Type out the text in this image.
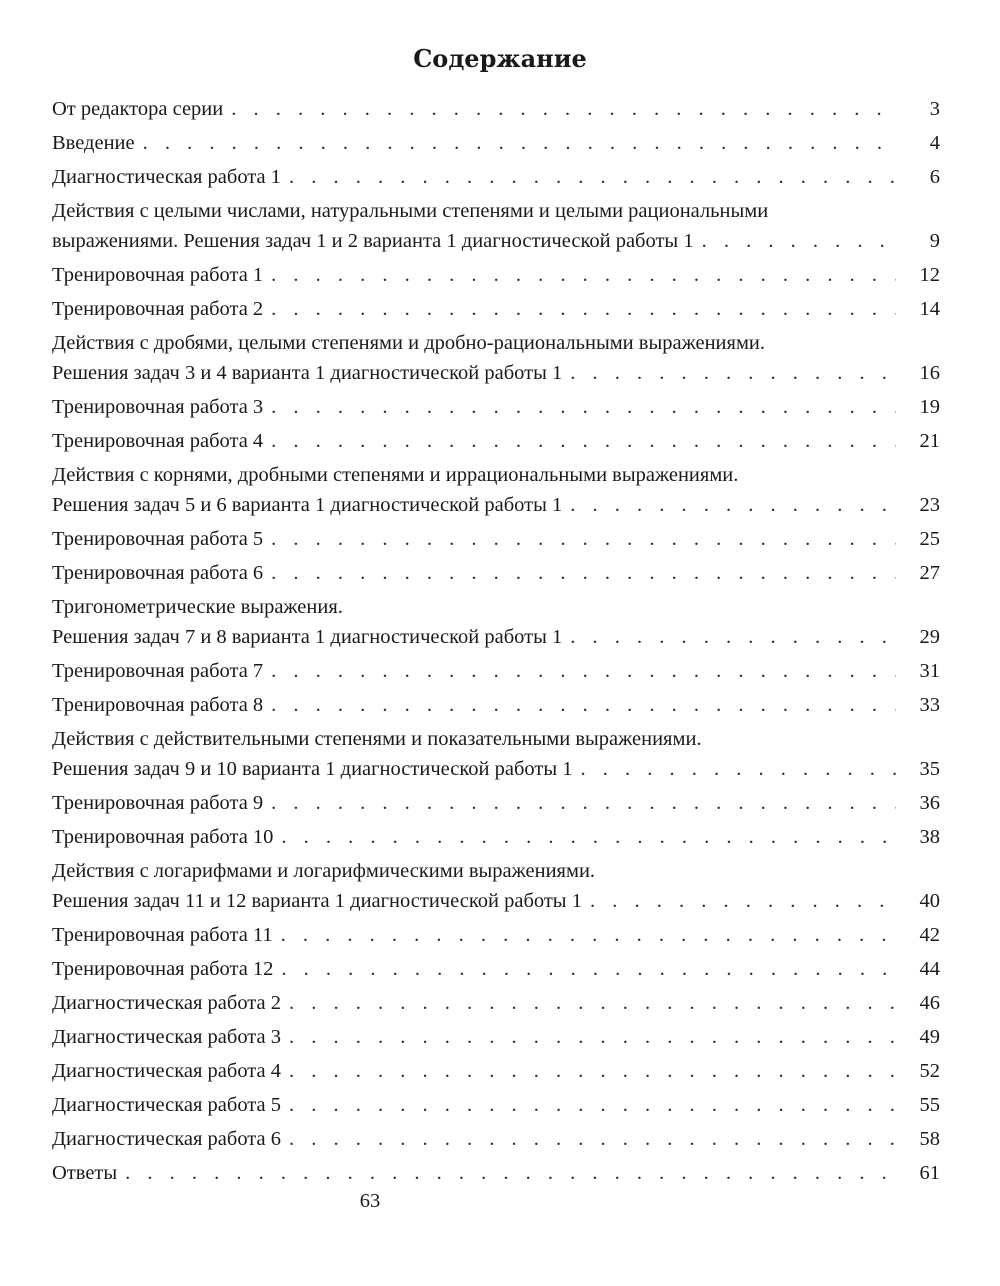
Содержание
От редактора серии . . .	3
Введение . . .	4
Диагностическая работа 1 . . .	6
Действия с целыми числами, натуральными степенями и целыми рациональными
выражениями. Решения задач 1 и 2 варианта 1 диагностической работы 1 . . .	9
Тренировочная работа 1 . . .	12
Тренировочная работа 2 . . .	14
Действия с дробями, целыми степенями и дробно-рациональными выражениями.
Решения задач 3 и 4 варианта 1 диагностической работы 1 . . .	16
Тренировочная работа 3 . . .	19
Тренировочная работа 4 . . .	21
Действия с корнями, дробными степенями и иррациональными выражениями.
Решения задач 5 и 6 варианта 1 диагностической работы 1 . . .	23
Тренировочная работа 5 . . .	25
Тренировочная работа 6 . . .	27
Тригонометрические выражения.
Решения задач 7 и 8 варианта 1 диагностической работы 1 . . .	29
Тренировочная работа 7 . . .	31
Тренировочная работа 8 . . .	33
Действия с действительными степенями и показательными выражениями.
Решения задач 9 и 10 варианта 1 диагностической работы 1 . . .	35
Тренировочная работа 9 . . .	36
Тренировочная работа 10 . . .	38
Действия с логарифмами и логарифмическими выражениями.
Решения задач 11 и 12 варианта 1 диагностической работы 1 . . .	40
Тренировочная работа 11 . . .	42
Тренировочная работа 12 . . .	44
Диагностическая работа 2 . . .	46
Диагностическая работа 3 . . .	49
Диагностическая работа 4 . . .	52
Диагностическая работа 5 . . .	55
Диагностическая работа 6 . . .	58
Ответы . . .	61
63
